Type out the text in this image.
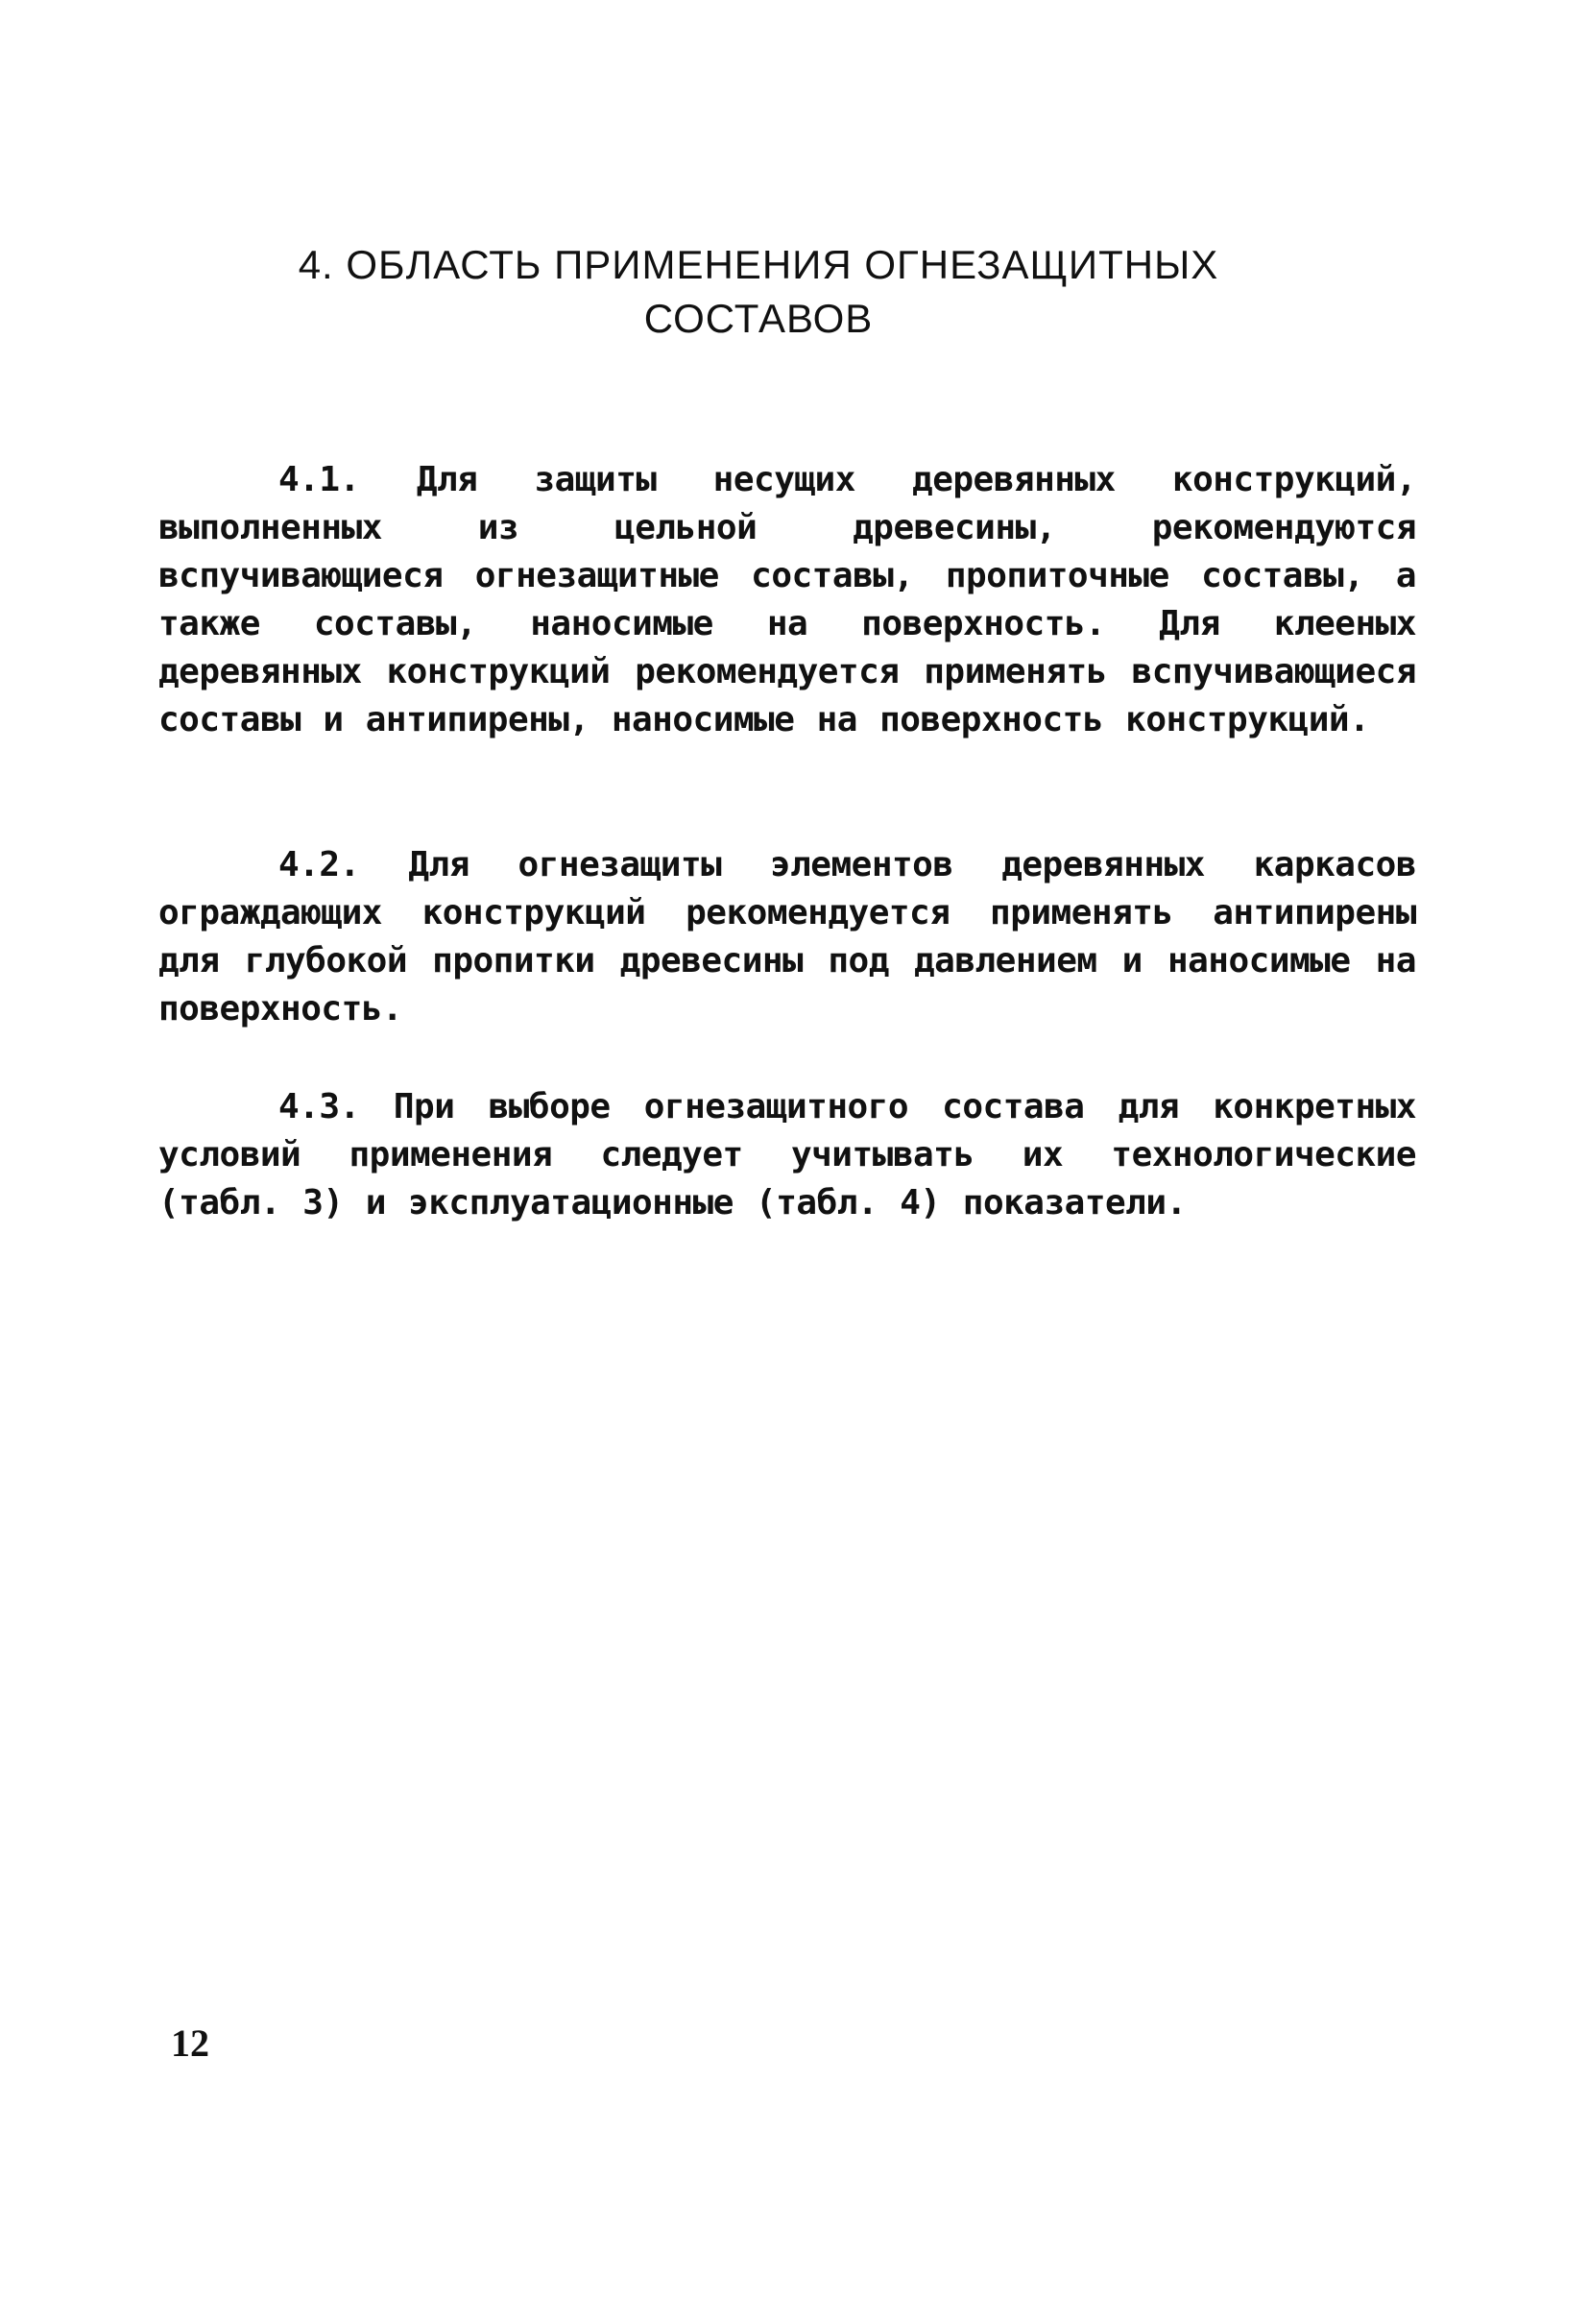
4. ОБЛАСТЬ ПРИМЕНЕНИЯ ОГНЕЗАЩИТНЫХ
СОСТАВОВ

4.1. Для защиты несущих деревянных конструкций, выполненных из цельной древесины, рекомендуются вспучивающиеся огнезащитные составы, пропиточные составы, а также составы, наносимые на поверхность. Для клееных деревянных конструкций рекомендуется применять вспучивающиеся составы и антипирены, наносимые на поверхность конструкций.

4.2. Для огнезащиты элементов деревянных каркасов ограждающих конструкций рекомендуется применять антипирены для глубокой пропитки древесины под давлением и наносимые на поверхность.

4.3. При выборе огнезащитного состава для конкретных условий применения следует учитывать их технологические (табл. 3) и эксплуатационные (табл. 4) показатели.

12
